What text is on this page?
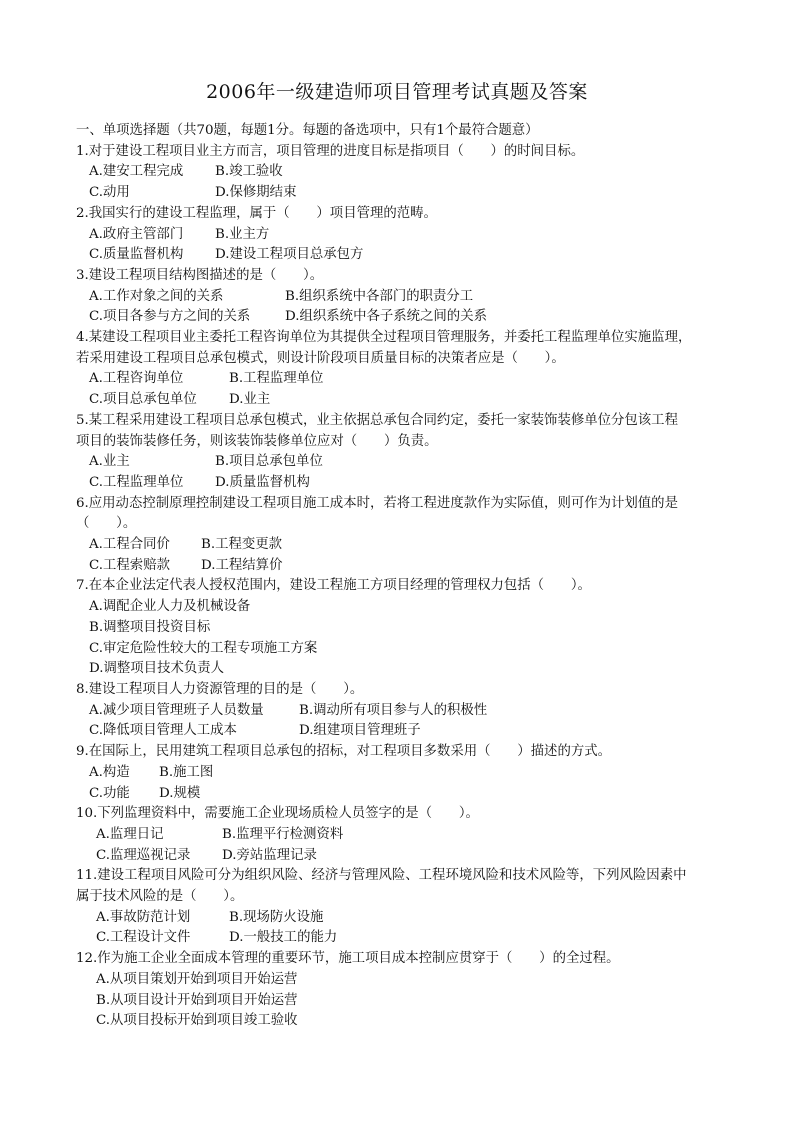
2006年一级建造师项目管理考试真题及答案
一、单项选择题（共70题，每题1分。每题的备选项中，只有1个最符合题意）
1.对于建设工程项目业主方而言，项目管理的进度目标是指项目（　　）的时间目标。
A.建安工程完成 B.竣工验收
C.动用	D.保修期结束
2.我国实行的建设工程监理，属于（　　）项目管理的范畴。
A.政府主管部门 B.业主方
C.质量监督机构 D.建设工程项目总承包方
3.建设工程项目结构图描述的是（　　）。
A.工作对象之间的关系	B.组织系统中各部门的职责分工
C.项目各参与方之间的关系	D.组织系统中各子系统之间的关系
4.某建设工程项目业主委托工程咨询单位为其提供全过程项目管理服务，并委托工程监理单位实施监理，
若采用建设工程项目总承包模式，则设计阶段项目质量目标的决策者应是（　　）。
A.工程咨询单位	B.工程监理单位
C.项目总承包单位 D.业主
5.某工程采用建设工程项目总承包模式，业主依据总承包合同约定，委托一家装饰装修单位分包该工程
项目的装饰装修任务，则该装饰装修单位应对（　　）负责。
A.业主	B.项目总承包单位
C.工程监理单位 D.质量监督机构
6.应用动态控制原理控制建设工程项目施工成本时，若将工程进度款作为实际值，则可作为计划值的是
（　　）。
A.工程合同价 B.工程变更款
C.工程索赔款 D.工程结算价
7.在本企业法定代表人授权范围内，建设工程施工方项目经理的管理权力包括（　　）。
A.调配企业人力及机械设备
B.调整项目投资目标
C.审定危险性较大的工程专项施工方案
D.调整项目技术负责人
8.建设工程项目人力资源管理的目的是（　　）。
A.减少项目管理班子人员数量	B.调动所有项目参与人的积极性
C.降低项目管理人工成本	D.组建项目管理班子
9.在国际上，民用建筑工程项目总承包的招标，对工程项目多数采用（　　）描述的方式。
A.构造 B.施工图
C.功能 D.规模
10.下列监理资料中，需要施工企业现场质检人员签字的是（　　）。
A.监理日记	B.监理平行检测资料
C.监理巡视记录 D.旁站监理记录
11.建设工程项目风险可分为组织风险、经济与管理风险、工程环境风险和技术风险等，下列风险因素中
属于技术风险的是（　　）。
A.事故防范计划	B.现场防火设施
C.工程设计文件	D.一般技工的能力
12.作为施工企业全面成本管理的重要环节，施工项目成本控制应贯穿于（　　）的全过程。
A.从项目策划开始到项目开始运营
B.从项目设计开始到项目开始运营
C.从项目投标开始到项目竣工验收
